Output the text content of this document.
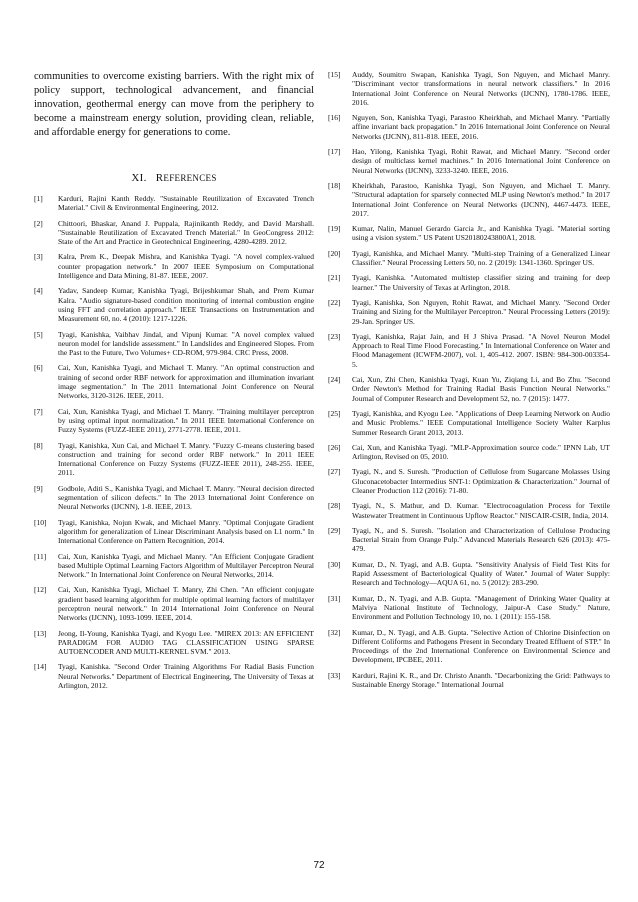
communities to overcome existing barriers. With the right mix of policy support, technological advancement, and financial innovation, geothermal energy can move from the periphery to become a mainstream energy solution, providing clean, reliable, and affordable energy for generations to come.

XI. REFERENCES
[1]	Karduri, Rajini Kanth Reddy. "Sustainable Reutilization of Excavated Trench Material." Civil & Environmental Engineering, 2012.
[2]	Chittoori, Bhaskar, Anand J. Puppala, Rajinikanth Reddy, and David Marshall. "Sustainable Reutilization of Excavated Trench Material." In GeoCongress 2012: State of the Art and Practice in Geotechnical Engineering, 4280-4289. 2012.
[3]	Kalra, Prem K., Deepak Mishra, and Kanishka Tyagi. "A novel complex-valued counter propagation network." In 2007 IEEE Symposium on Computational Intelligence and Data Mining, 81-87. IEEE, 2007.
[4]	Yadav, Sandeep Kumar, Kanishka Tyagi, Brijeshkumar Shah, and Prem Kumar Kalra. "Audio signature-based condition monitoring of internal combustion engine using FFT and correlation approach." IEEE Transactions on Instrumentation and Measurement 60, no. 4 (2010): 1217-1226.
[5]	Tyagi, Kanishka, Vaibhav Jindal, and Vipunj Kumar. "A novel complex valued neuron model for landslide assessment." In Landslides and Engineered Slopes. From the Past to the Future, Two Volumes+ CD-ROM, 979-984. CRC Press, 2008.
[6]	Cai, Xun, Kanishka Tyagi, and Michael T. Manry. "An optimal construction and training of second order RBF network for approximation and illumination invariant image segmentation." In The 2011 International Joint Conference on Neural Networks, 3120-3126. IEEE, 2011.
[7]	Cai, Xun, Kanishka Tyagi, and Michael T. Manry. "Training multilayer perceptron by using optimal input normalization." In 2011 IEEE International Conference on Fuzzy Systems (FUZZ-IEEE 2011), 2771-2778. IEEE, 2011.
[8]	Tyagi, Kanishka, Xun Cai, and Michael T. Manry. "Fuzzy C-means clustering based construction and training for second order RBF network." In 2011 IEEE International Conference on Fuzzy Systems (FUZZ-IEEE 2011), 248-255. IEEE, 2011.
[9]	Godbole, Aditi S., Kanishka Tyagi, and Michael T. Manry. "Neural decision directed segmentation of silicon defects." In The 2013 International Joint Conference on Neural Networks (IJCNN), 1-8. IEEE, 2013.
[10]	Tyagi, Kanishka, Nojun Kwak, and Michael Manry. "Optimal Conjugate Gradient algorithm for generalization of Linear Discriminant Analysis based on L1 norm." In International Conference on Pattern Recognition, 2014.
[11]	Cai, Xun, Kanishka Tyagi, and Michael Manry. "An Efficient Conjugate Gradient based Multiple Optimal Learning Factors Algorithm of Multilayer Perceptron Neural Network." In International Joint Conference on Neural Networks, 2014.
[12]	Cai, Xun, Kanishka Tyagi, Michael T. Manry, Zhi Chen. "An efficient conjugate gradient based learning algorithm for multiple optimal learning factors of multilayer perceptron neural network." In 2014 International Joint Conference on Neural Networks (IJCNN), 1093-1099. IEEE, 2014.
[13]	Jeong, Il-Young, Kanishka Tyagi, and Kyogu Lee. "MIREX 2013: AN EFFICIENT PARADIGM FOR AUDIO TAG CLASSIFICATION USING SPARSE AUTOENCODER AND MULTI-KERNEL SVM." 2013.
[14]	Tyagi, Kanishka. "Second Order Training Algorithms For Radial Basis Function Neural Networks." Department of Electrical Engineering, The University of Texas at Arlington, 2012.
[15]	Auddy, Soumitro Swapan, Kanishka Tyagi, Son Nguyen, and Michael Manry. "Discriminant vector transformations in neural network classifiers." In 2016 International Joint Conference on Neural Networks (IJCNN), 1780-1786. IEEE, 2016.
[16]	Nguyen, Son, Kanishka Tyagi, Parastoo Kheirkhah, and Michael Manry. "Partially affine invariant back propagation." In 2016 International Joint Conference on Neural Networks (IJCNN), 811-818. IEEE, 2016.
[17]	Hao, Yilong, Kanishka Tyagi, Rohit Rawat, and Michael Manry. "Second order design of multiclass kernel machines." In 2016 International Joint Conference on Neural Networks (IJCNN), 3233-3240. IEEE, 2016.
[18]	Kheirkhah, Parastoo, Kanishka Tyagi, Son Nguyen, and Michael T. Manry. "Structural adaptation for sparsely connected MLP using Newton's method." In 2017 International Joint Conference on Neural Networks (IJCNN), 4467-4473. IEEE, 2017.
[19]	Kumar, Nalin, Manuel Gerardo Garcia Jr., and Kanishka Tyagi. "Material sorting using a vision system." US Patent US20180243800A1, 2018.
[20]	Tyagi, Kanishka, and Michael Manry. "Multi-step Training of a Generalized Linear Classifier." Neural Processing Letters 50, no. 2 (2019): 1341-1360. Springer US.
[21]	Tyagi, Kanishka. "Automated multistep classifier sizing and training for deep learner." The University of Texas at Arlington, 2018.
[22]	Tyagi, Kanishka, Son Nguyen, Rohit Rawat, and Michael Manry. "Second Order Training and Sizing for the Multilayer Perceptron." Neural Processing Letters (2019): 29-Jan. Springer US.
[23]	Tyagi, Kanishka, Rajat Jain, and H J Shiva Prasad. "A Novel Neuron Model Approach to Real Time Flood Forecasting." In International Conference on Water and Flood Management (ICWFM-2007), vol. 1, 405-412. 2007. ISBN: 984-300-003354-5.
[24]	Cai, Xun, Zhi Chen, Kanishka Tyagi, Kuan Yu, Ziqiang Li, and Bo Zhu. "Second Order Newton's Method for Training Radial Basis Function Neural Networks." Journal of Computer Research and Development 52, no. 7 (2015): 1477.
[25]	Tyagi, Kanishka, and Kyogu Lee. "Applications of Deep Learning Network on Audio and Music Problems." IEEE Computational Intelligence Society Walter Karplus Summer Research Grant 2013, 2013.
[26]	Cai, Xun, and Kanishka Tyagi. "MLP-Approximation source code." IPNN Lab, UT Arlington, Revised on 05, 2010.
[27]	Tyagi, N., and S. Suresh. "Production of Cellulose from Sugarcane Molasses Using Gluconacetobacter Intermedius SNT-1: Optimization & Characterization." Journal of Cleaner Production 112 (2016): 71-80.
[28]	Tyagi, N., S. Mathur, and D. Kumar. "Electrocoagulation Process for Textile Wastewater Treatment in Continuous Upflow Reactor." NISCAIR-CSIR, India, 2014.
[29]	Tyagi, N., and S. Suresh. "Isolation and Characterization of Cellulose Producing Bacterial Strain from Orange Pulp." Advanced Materials Research 626 (2013): 475-479.
[30]	Kumar, D., N. Tyagi, and A.B. Gupta. "Sensitivity Analysis of Field Test Kits for Rapid Assessment of Bacteriological Quality of Water." Journal of Water Supply: Research and Technology—AQUA 61, no. 5 (2012): 283-290.
[31]	Kumar, D., N. Tyagi, and A.B. Gupta. "Management of Drinking Water Quality at Malviya National Institute of Technology, Jaipur-A Case Study." Nature, Environment and Pollution Technology 10, no. 1 (2011): 155-158.
[32]	Kumar, D., N. Tyagi, and A.B. Gupta. "Selective Action of Chlorine Disinfection on Different Coliforms and Pathogens Present in Secondary Treated Effluent of STP." In Proceedings of the 2nd International Conference on Environmental Science and Development, IPCBEE, 2011.
[33]	Karduri, Rajini K. R., and Dr. Christo Ananth. "Decarbonizing the Grid: Pathways to Sustainable Energy Storage." International Journal
72
